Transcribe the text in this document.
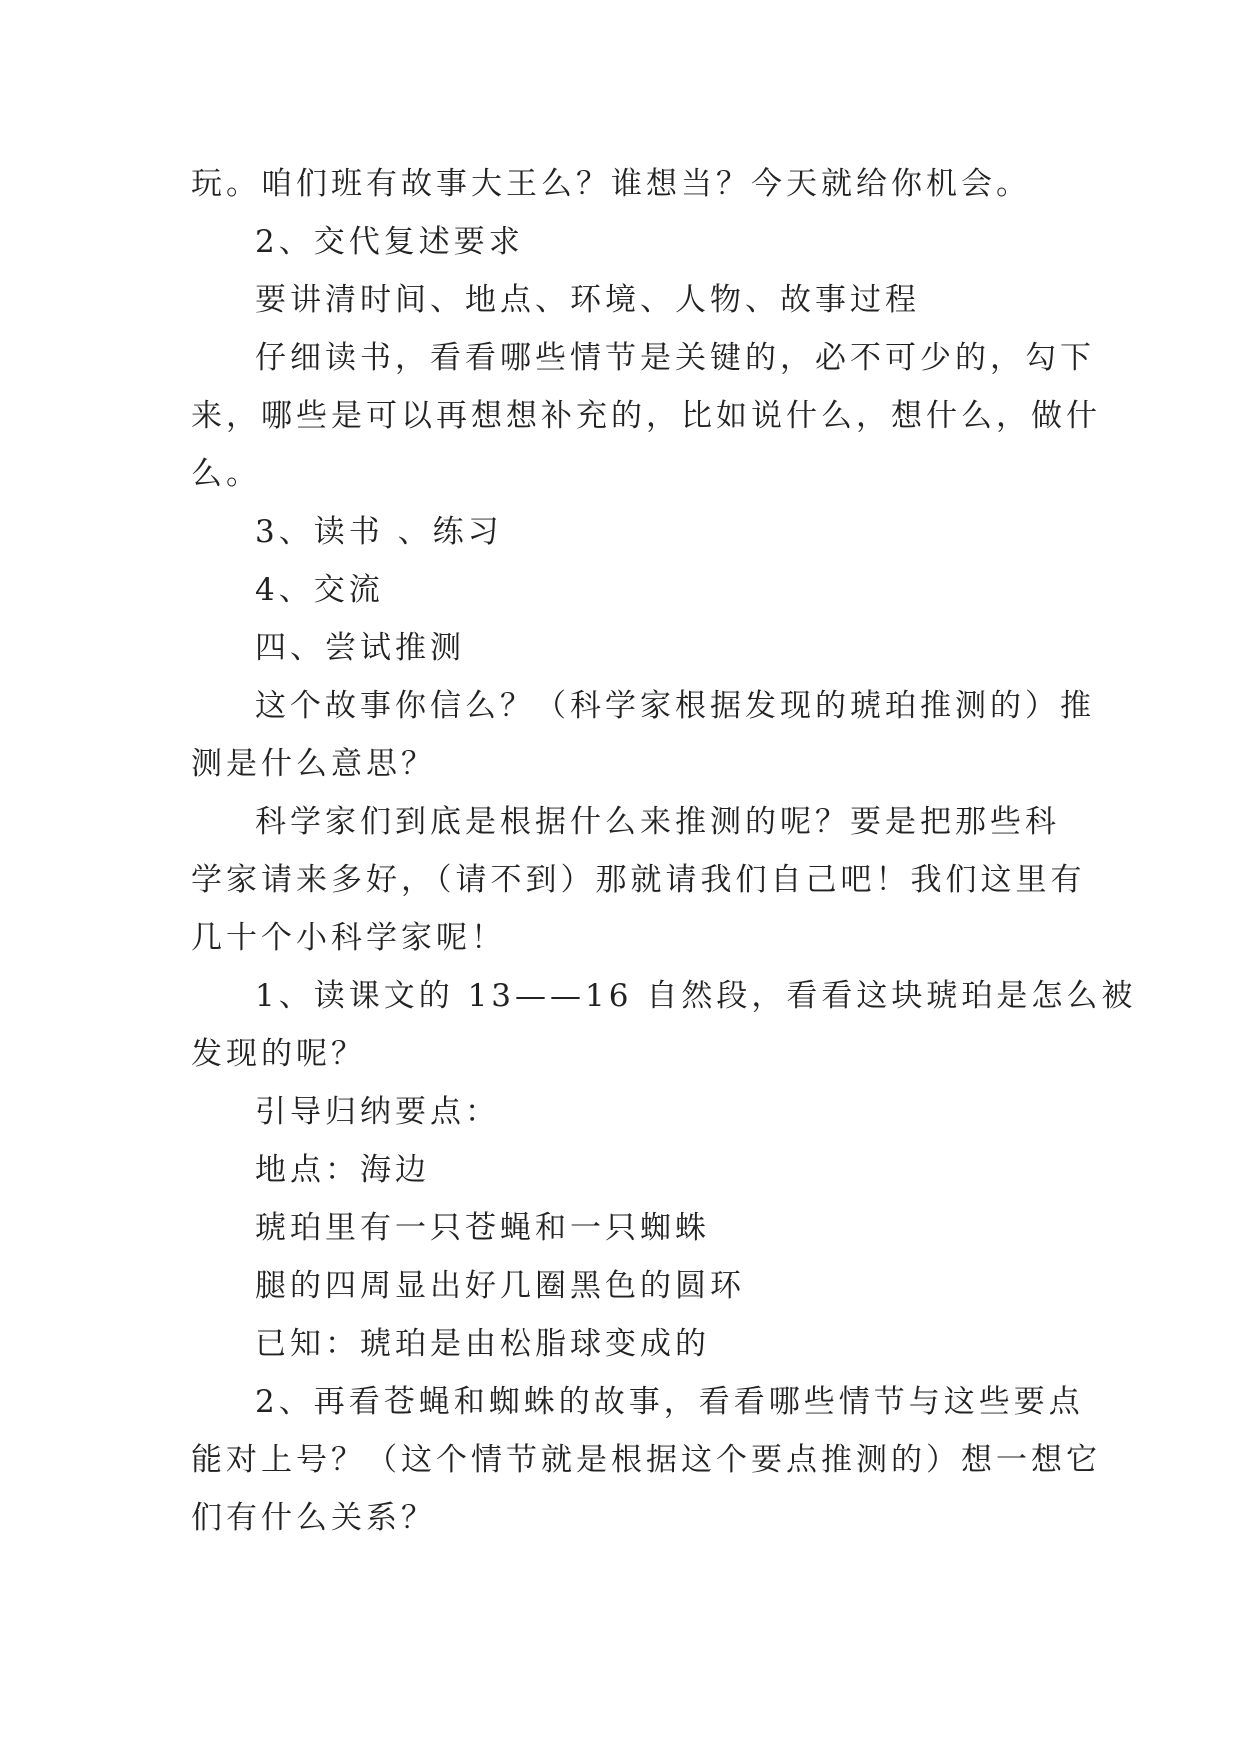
玩。咱们班有故事大王么？谁想当？今天就给你机会。
2、交代复述要求
要讲清时间、地点、环境、人物、故事过程
仔细读书，看看哪些情节是关键的，必不可少的，勾下
来，哪些是可以再想想补充的，比如说什么，想什么，做什
么。
3、读书 、练习
4、交流
四、尝试推测
这个故事你信么？（科学家根据发现的琥珀推测的）推
测是什么意思？
科学家们到底是根据什么来推测的呢？要是把那些科
学家请来多好，（请不到）那就请我们自己吧！我们这里有
几十个小科学家呢！
1、读课文的 13——16 自然段，看看这块琥珀是怎么被
发现的呢？
引导归纳要点：
地点：海边
琥珀里有一只苍蝇和一只蜘蛛
腿的四周显出好几圈黑色的圆环
已知：琥珀是由松脂球变成的
2、再看苍蝇和蜘蛛的故事，看看哪些情节与这些要点
能对上号？（这个情节就是根据这个要点推测的）想一想它
们有什么关系？
